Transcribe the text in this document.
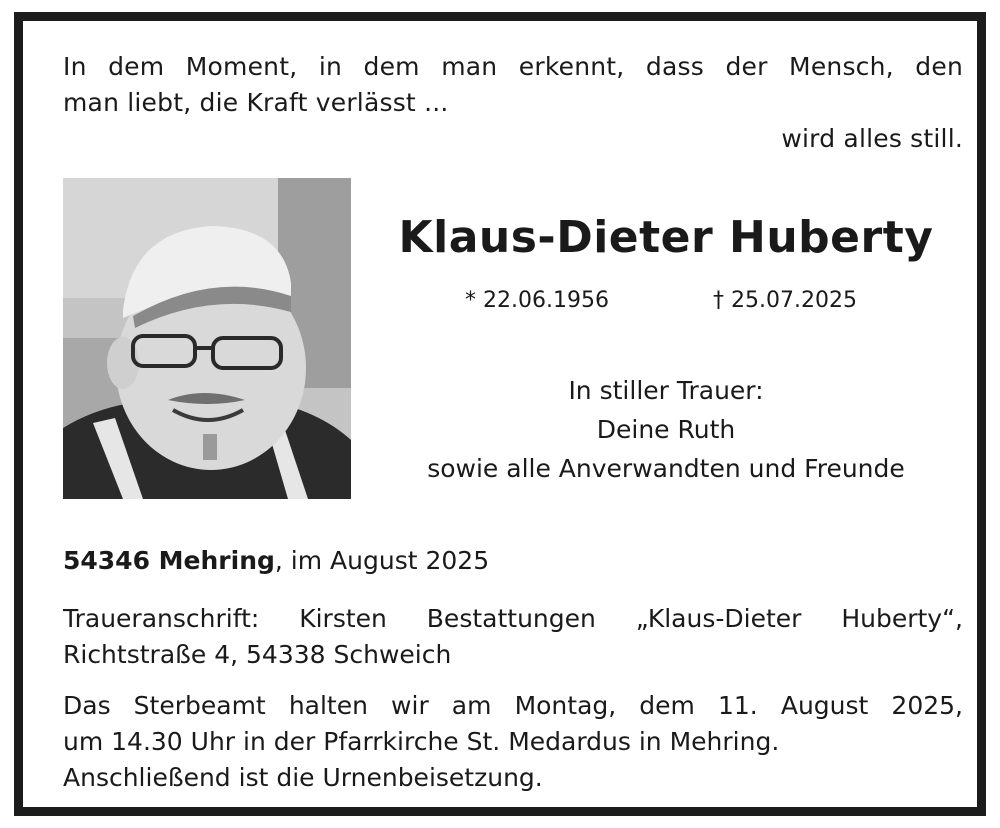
In dem Moment, in dem man erkennt, dass der Mensch, den

man liebt, die Kraft verlässt ...

wird alles still.

Klaus-Dieter Huberty
* 22.06.1956	† 25.07.2025

In stiller Trauer:

Deine Ruth

sowie alle Anverwandten und Freunde

54346 Mehring, im August 2025

Traueranschrift: Kirsten Bestattungen „Klaus-Dieter Huberty“,

Richtstraße 4, 54338 Schweich

Das Sterbeamt halten wir am Montag, dem 11. August 2025,

um 14.30 Uhr in der Pfarrkirche St. Medardus in Mehring.

Anschließend ist die Urnenbeisetzung.
